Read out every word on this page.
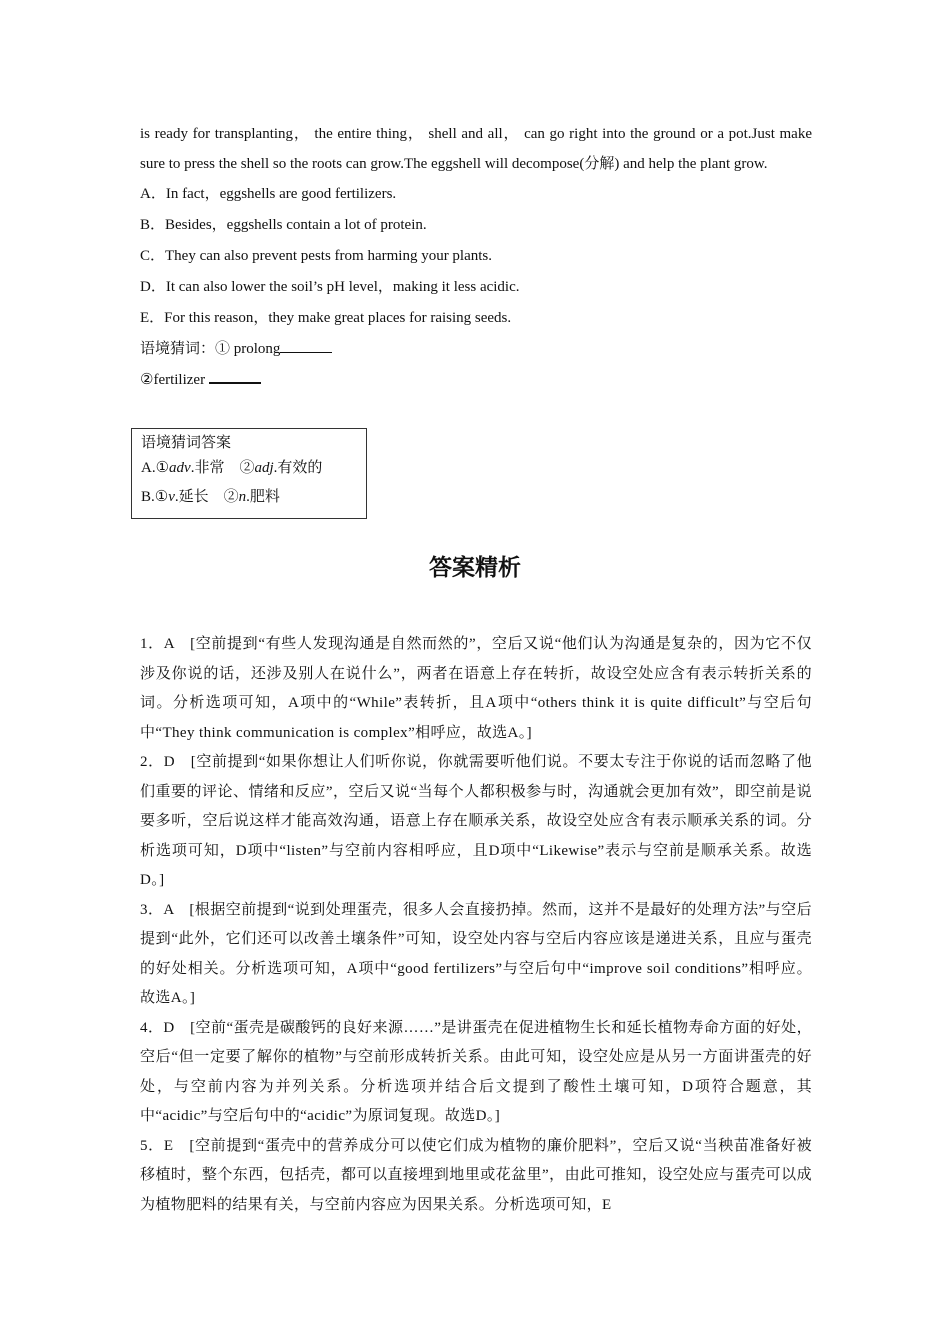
is ready for transplanting， the entire thing， shell and all， can go right into the ground or a pot.Just make sure to press the shell so the roots can grow.The eggshell will decompose(分解) and help the plant grow.

A．In fact，eggshells are good fertilizers.

B．Besides，eggshells contain a lot of protein.

C．They can also prevent pests from harming your plants.

D．It can also lower the soil’s pH level，making it less acidic.

E．For this reason，they make great places for raising seeds.

语境猜词：① prolong

②fertilizer

语境猜词答案

A.①adv.非常　②adj.有效的

B.①v.延长　②n.肥料

答案精析

1．A　[空前提到“有些人发现沟通是自然而然的”，空后又说“他们认为沟通是复杂的，因为它不仅涉及你说的话，还涉及别人在说什么”，两者在语意上存在转折，故设空处应含有表示转折关系的词。分析选项可知，A项中的“While”表转折，且A项中“others think it is quite difficult”与空后句中“They think communication is complex”相呼应，故选A。]

2．D　[空前提到“如果你想让人们听你说，你就需要听他们说。不要太专注于你说的话而忽略了他们重要的评论、情绪和反应”，空后又说“当每个人都积极参与时，沟通就会更加有效”，即空前是说要多听，空后说这样才能高效沟通，语意上存在顺承关系，故设空处应含有表示顺承关系的词。分析选项可知，D项中“listen”与空前内容相呼应，且D项中“Likewise”表示与空前是顺承关系。故选D。]

3．A　[根据空前提到“说到处理蛋壳，很多人会直接扔掉。然而，这并不是最好的处理方法”与空后提到“此外，它们还可以改善土壤条件”可知，设空处内容与空后内容应该是递进关系，且应与蛋壳的好处相关。分析选项可知，A项中“good fertilizers”与空后句中“improve soil conditions”相呼应。故选A。]

4．D　[空前“蛋壳是碳酸钙的良好来源……”是讲蛋壳在促进植物生长和延长植物寿命方面的好处，空后“但一定要了解你的植物”与空前形成转折关系。由此可知，设空处应是从另一方面讲蛋壳的好处，与空前内容为并列关系。分析选项并结合后文提到了酸性土壤可知，D项符合题意，其中“acidic”与空后句中的“acidic”为原词复现。故选D。]

5．E　[空前提到“蛋壳中的营养成分可以使它们成为植物的廉价肥料”，空后又说“当秧苗准备好被移植时，整个东西，包括壳，都可以直接埋到地里或花盆里”，由此可推知，设空处应与蛋壳可以成为植物肥料的结果有关，与空前内容应为因果关系。分析选项可知，E
